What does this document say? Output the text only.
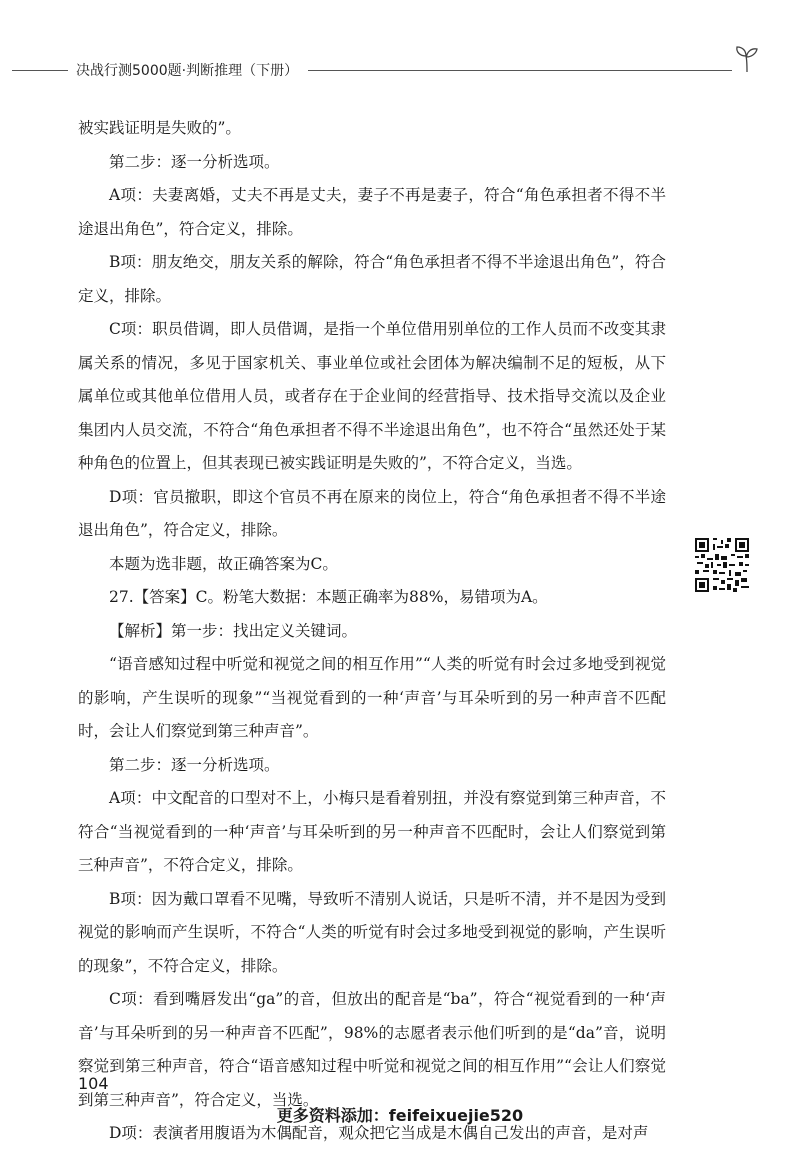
决战行测5000题·判断推理（下册）

被实践证明是失败的”。

第二步：逐一分析选项。

A项：夫妻离婚，丈夫不再是丈夫，妻子不再是妻子，符合“角色承担者不得不半途退出角色”，符合定义，排除。

B项：朋友绝交，朋友关系的解除，符合“角色承担者不得不半途退出角色”，符合定义，排除。

C项：职员借调，即人员借调，是指一个单位借用别单位的工作人员而不改变其隶属关系的情况，多见于国家机关、事业单位或社会团体为解决编制不足的短板，从下属单位或其他单位借用人员，或者存在于企业间的经营指导、技术指导交流以及企业集团内人员交流，不符合“角色承担者不得不半途退出角色”，也不符合“虽然还处于某种角色的位置上，但其表现已被实践证明是失败的”，不符合定义，当选。

D项：官员撤职，即这个官员不再在原来的岗位上，符合“角色承担者不得不半途退出角色”，符合定义，排除。

本题为选非题，故正确答案为C。

27.【答案】C。粉笔大数据：本题正确率为88%，易错项为A。

【解析】第一步：找出定义关键词。

“语音感知过程中听觉和视觉之间的相互作用”“人类的听觉有时会过多地受到视觉的影响，产生误听的现象”“当视觉看到的一种‘声音’与耳朵听到的另一种声音不匹配时，会让人们察觉到第三种声音”。

第二步：逐一分析选项。

A项：中文配音的口型对不上，小梅只是看着别扭，并没有察觉到第三种声音，不符合“当视觉看到的一种‘声音’与耳朵听到的另一种声音不匹配时，会让人们察觉到第三种声音”，不符合定义，排除。

B项：因为戴口罩看不见嘴，导致听不清别人说话，只是听不清，并不是因为受到视觉的影响而产生误听，不符合“人类的听觉有时会过多地受到视觉的影响，产生误听的现象”，不符合定义，排除。

C项：看到嘴唇发出“ga”的音，但放出的配音是“ba”，符合“视觉看到的一种‘声音’与耳朵听到的另一种声音不匹配”，98%的志愿者表示他们听到的是“da”音，说明察觉到第三种声音，符合“语音感知过程中听觉和视觉之间的相互作用”“会让人们察觉到第三种声音”，符合定义，当选。

D项：表演者用腹语为木偶配音，观众把它当成是木偶自己发出的声音，是对声

104
更多资料添加：feifeixuejie520
